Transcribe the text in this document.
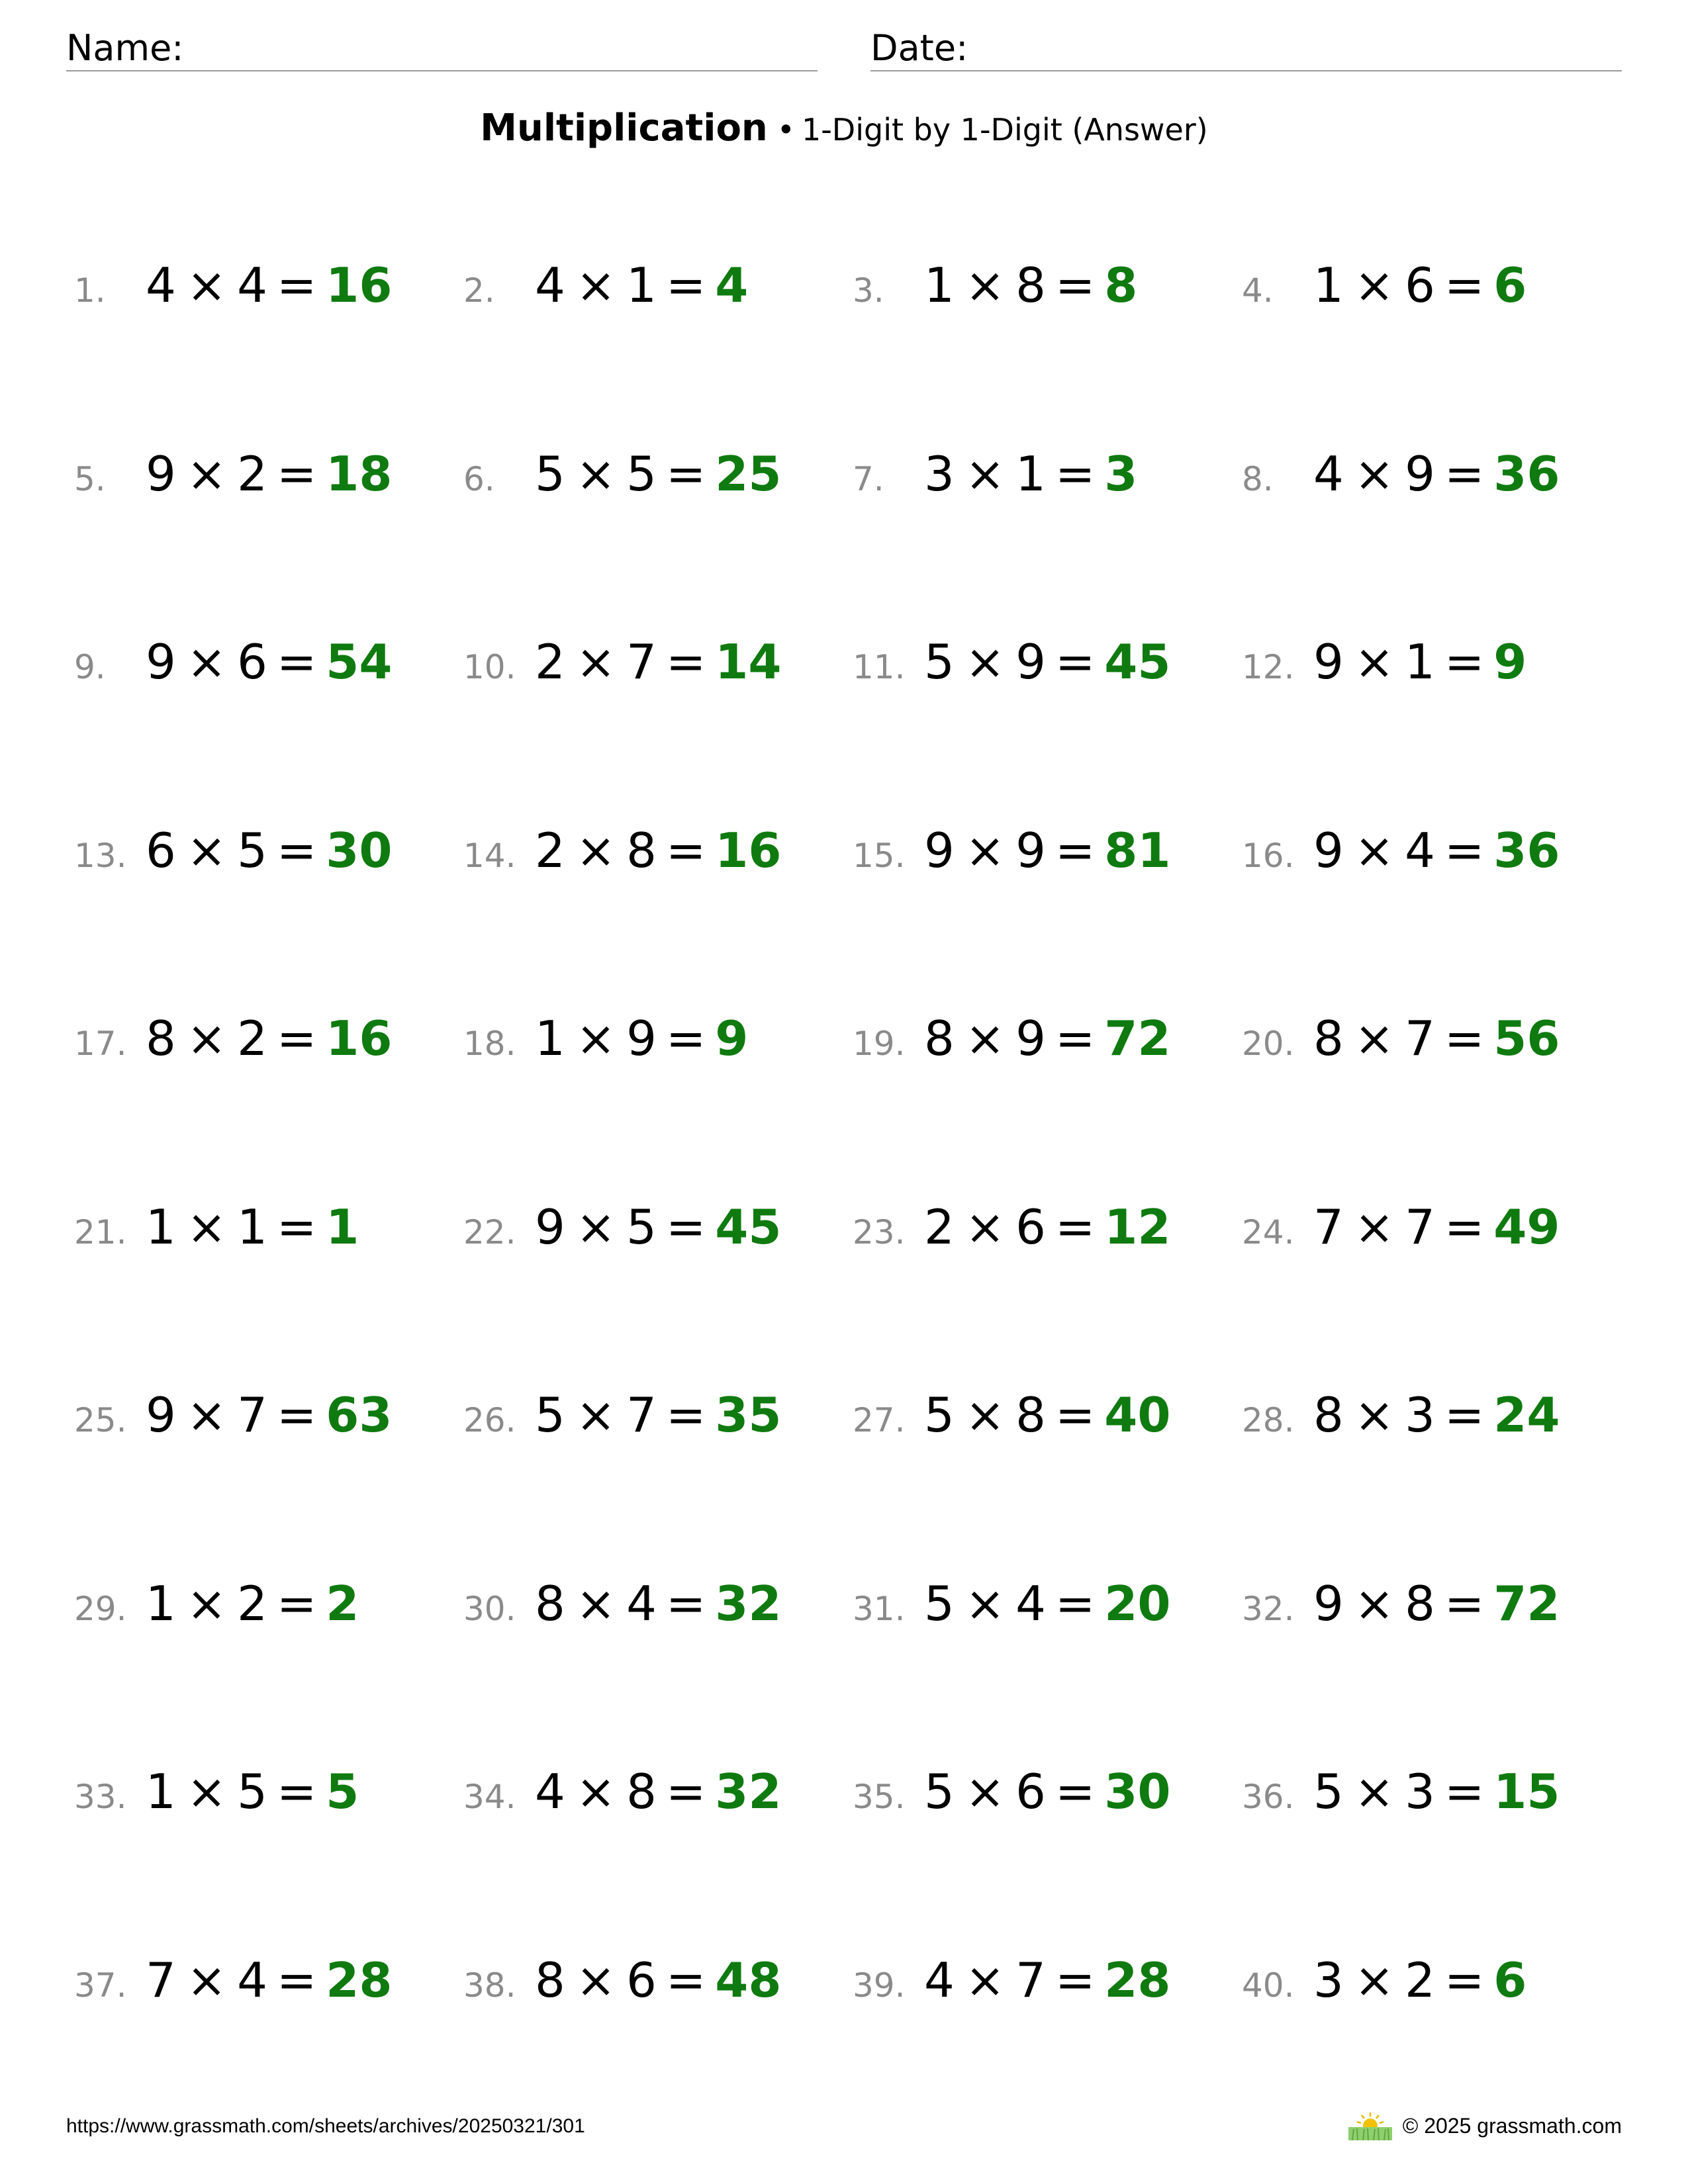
Name:	Date:
Multiplication • 1-Digit by 1-Digit (Answer)
1. 4 × 4 = 16 2. 4 × 1 = 4	3. 1 × 8 = 8	4. 1 × 6 = 6
5. 9 × 2 = 18 6. 5 × 5 = 25 7. 3 × 1 = 3	8. 4 × 9 = 36
9. 9 × 6 = 54 10. 2 × 7 = 14 11. 5 × 9 = 45 12. 9 × 1 = 9
13. 6 × 5 = 30 14. 2 × 8 = 16 15. 9 × 9 = 81 16. 9 × 4 = 36
17. 8 × 2 = 16 18. 1 × 9 = 9	19. 8 × 9 = 72 20. 8 × 7 = 56
21. 1 × 1 = 1	22. 9 × 5 = 45 23. 2 × 6 = 12 24. 7 × 7 = 49
25. 9 × 7 = 63 26. 5 × 7 = 35 27. 5 × 8 = 40 28. 8 × 3 = 24
29. 1 × 2 = 2	30. 8 × 4 = 32 31. 5 × 4 = 20 32. 9 × 8 = 72
33. 1 × 5 = 5	34. 4 × 8 = 32 35. 5 × 6 = 30 36. 5 × 3 = 15
37. 7 × 4 = 28 38. 8 × 6 = 48 39. 4 × 7 = 28 40. 3 × 2 = 6
https://www.grassmath.com/sheets/archives/20250321/301	© 2025 grassmath.com
